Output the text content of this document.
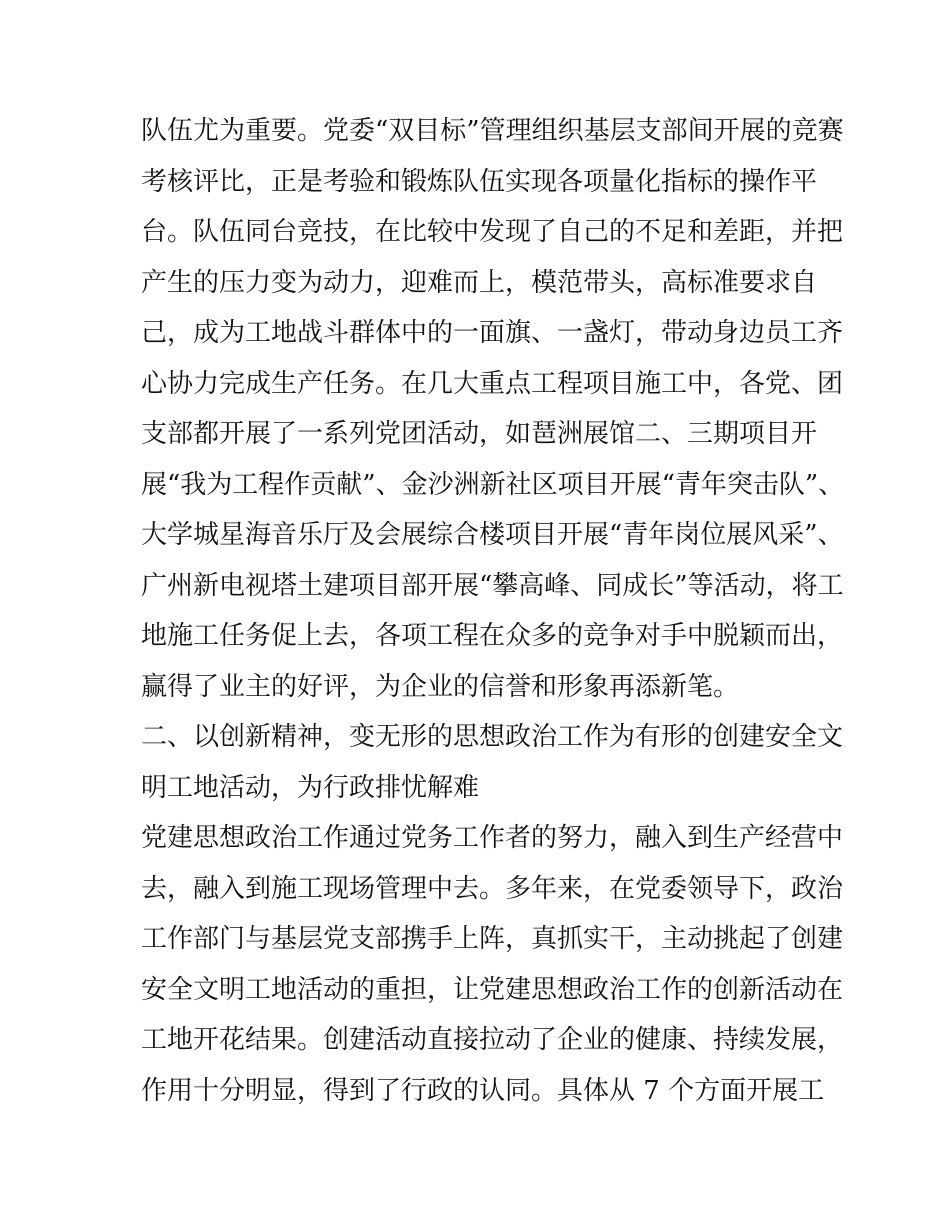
队伍尤为重要。党委“双目标”管理组织基层支部间开展的竞赛
考核评比，正是考验和锻炼队伍实现各项量化指标的操作平
台。队伍同台竞技，在比较中发现了自己的不足和差距，并把
产生的压力变为动力，迎难而上，模范带头，高标准要求自
己，成为工地战斗群体中的一面旗、一盏灯，带动身边员工齐
心协力完成生产任务。在几大重点工程项目施工中，各党、团
支部都开展了一系列党团活动，如琶洲展馆二、三期项目开
展“我为工程作贡献”、金沙洲新社区项目开展“青年突击队”、
大学城星海音乐厅及会展综合楼项目开展“青年岗位展风采”、
广州新电视塔土建项目部开展“攀高峰、同成长”等活动，将工
地施工任务促上去，各项工程在众多的竞争对手中脱颖而出，
赢得了业主的好评，为企业的信誉和形象再添新笔。
二、以创新精神，变无形的思想政治工作为有形的创建安全文
明工地活动，为行政排忧解难
党建思想政治工作通过党务工作者的努力，融入到生产经营中
去，融入到施工现场管理中去。多年来，在党委领导下，政治
工作部门与基层党支部携手上阵，真抓实干，主动挑起了创建
安全文明工地活动的重担，让党建思想政治工作的创新活动在
工地开花结果。创建活动直接拉动了企业的健康、持续发展，
作用十分明显，得到了行政的认同。具体从 7 个方面开展工
